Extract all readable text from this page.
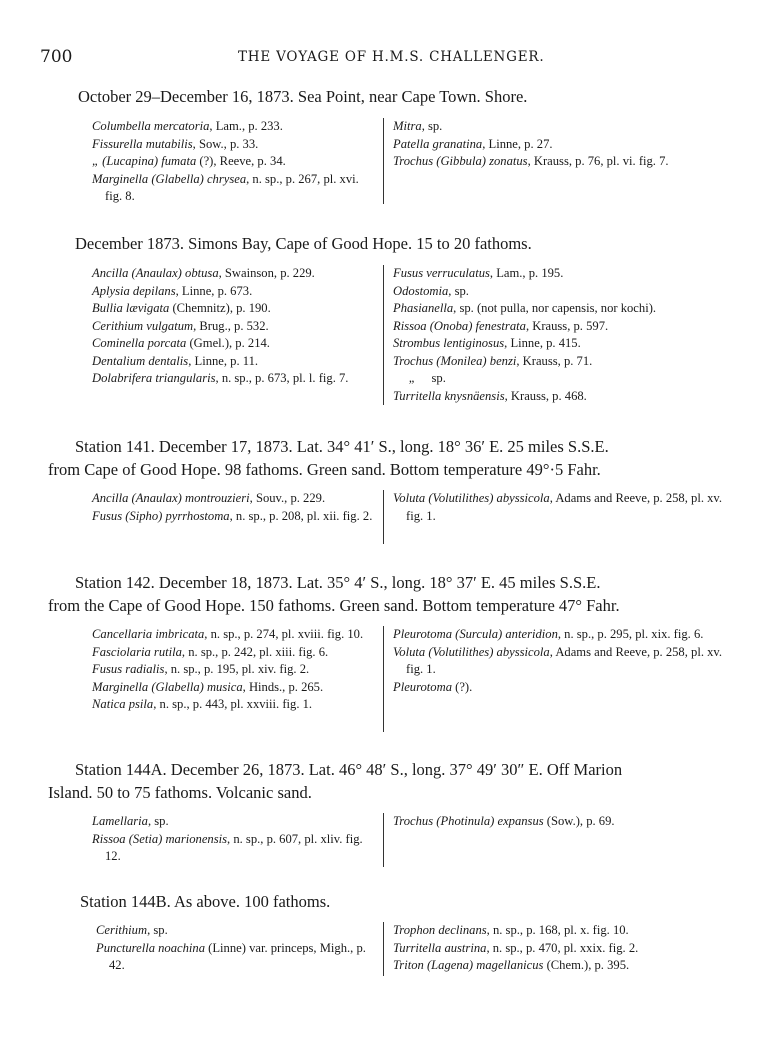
700	THE VOYAGE OF H.M.S. CHALLENGER.
October 29–December 16, 1873. Sea Point, near Cape Town. Shore.
Columbella mercatoria, Lam., p. 233.
Fissurella mutabilis, Sow., p. 33.
„ (Lucapina) fumata (?), Reeve, p. 34.
Marginella (Glabella) chrysea, n. sp., p. 267, pl. xvi. fig. 8.
Mitra, sp.
Patella granatina, Linne, p. 27.
Trochus (Gibbula) zonatus, Krauss, p. 76, pl. vi. fig. 7.
December 1873. Simons Bay, Cape of Good Hope. 15 to 20 fathoms.
Ancilla (Anaulax) obtusa, Swainson, p. 229.
Aplysia depilans, Linne, p. 673.
Bullia lævigata (Chemnitz), p. 190.
Cerithium vulgatum, Brug., p. 532.
Cominella porcata (Gmel.), p. 214.
Dentalium dentalis, Linne, p. 11.
Dolabrifera triangularis, n. sp., p. 673, pl. l. fig. 7.
Fusus verruculatus, Lam., p. 195.
Odostomia, sp.
Phasianella, sp. (not pulla, nor capensis, nor kochi).
Rissoa (Onoba) fenestrata, Krauss, p. 597.
Strombus lentiginosus, Linne, p. 415.
Trochus (Monilea) benzi, Krauss, p. 71.
„     sp.
Turritella knysnäensis, Krauss, p. 468.
Station 141. December 17, 1873. Lat. 34° 41′ S., long. 18° 36′ E. 25 miles S.S.E.
from Cape of Good Hope. 98 fathoms. Green sand. Bottom temperature 49°·5 Fahr.
Ancilla (Anaulax) montrouzieri, Souv., p. 229.
Fusus (Sipho) pyrrhostoma, n. sp., p. 208, pl. xii. fig. 2.
Voluta (Volutilithes) abyssicola, Adams and Reeve, p. 258, pl. xv. fig. 1.
Station 142. December 18, 1873. Lat. 35° 4′ S., long. 18° 37′ E. 45 miles S.S.E.
from the Cape of Good Hope. 150 fathoms. Green sand. Bottom temperature 47° Fahr.
Cancellaria imbricata, n. sp., p. 274, pl. xviii. fig. 10.
Fasciolaria rutila, n. sp., p. 242, pl. xiii. fig. 6.
Fusus radialis, n. sp., p. 195, pl. xiv. fig. 2.
Marginella (Glabella) musica, Hinds., p. 265.
Natica psila, n. sp., p. 443, pl. xxviii. fig. 1.
Pleurotoma (Surcula) anteridion, n. sp., p. 295, pl. xix. fig. 6.
Voluta (Volutilithes) abyssicola, Adams and Reeve, p. 258, pl. xv. fig. 1.
Pleurotoma (?).
Station 144A. December 26, 1873. Lat. 46° 48′ S., long. 37° 49′ 30″ E. Off Marion
Island. 50 to 75 fathoms. Volcanic sand.
Lamellaria, sp.
Rissoa (Setia) marionensis, n. sp., p. 607, pl. xliv. fig. 12.
Trochus (Photinula) expansus (Sow.), p. 69.
Station 144B. As above. 100 fathoms.
Cerithium, sp.
Puncturella noachina (Linne) var. princeps, Migh., p. 42.
Trophon declinans, n. sp., p. 168, pl. x. fig. 10.
Turritella austrina, n. sp., p. 470, pl. xxix. fig. 2.
Triton (Lagena) magellanicus (Chem.), p. 395.
